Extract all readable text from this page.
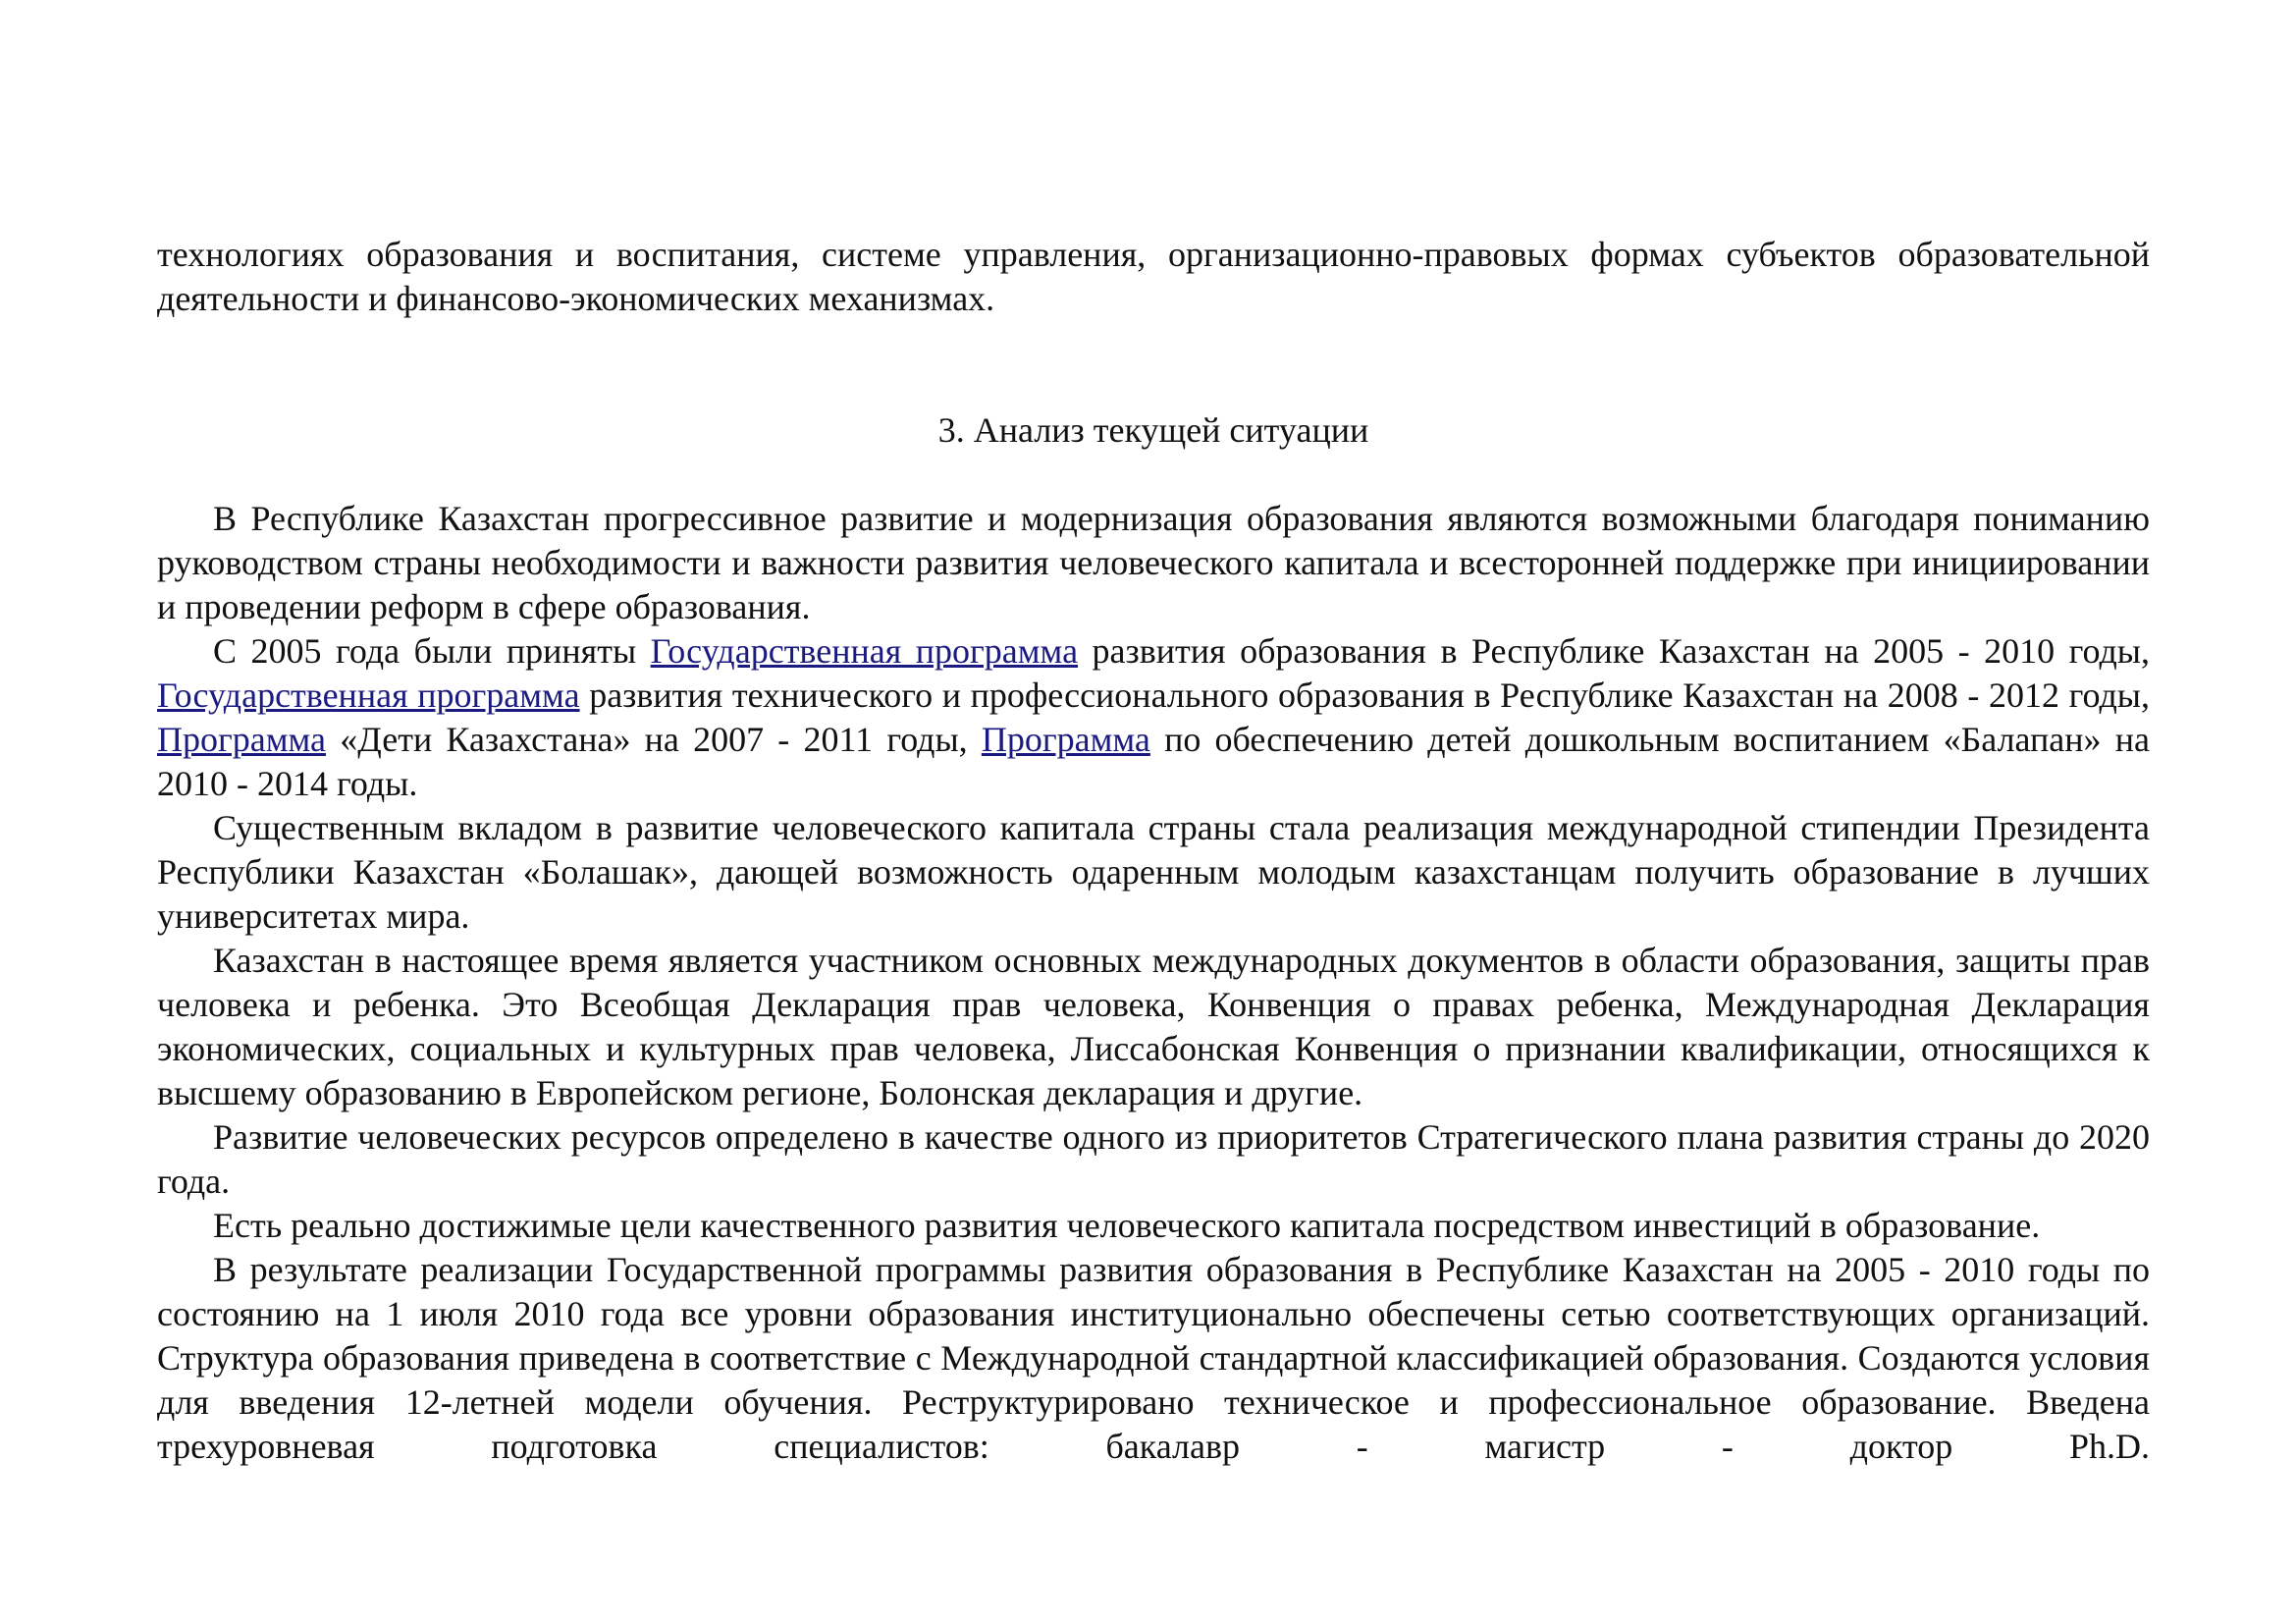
технологиях образования и воспитания, системе управления, организационно-правовых формах субъектов образовательной деятельности и финансово-экономических механизмах.

3. Анализ текущей ситуации

В Республике Казахстан прогрессивное развитие и модернизация образования являются возможными благодаря пониманию руководством страны необходимости и важности развития человеческого капитала и всесторонней поддержке при инициировании и проведении реформ в сфере образования.

С 2005 года были приняты Государственная программа развития образования в Республике Казахстан на 2005 - 2010 годы, Государственная программа развития технического и профессионального образования в Республике Казахстан на 2008 - 2012 годы, Программа «Дети Казахстана» на 2007 - 2011 годы, Программа по обеспечению детей дошкольным воспитанием «Балапан» на 2010 - 2014 годы.

Существенным вкладом в развитие человеческого капитала страны стала реализация международной стипендии Президента Республики Казахстан «Болашак», дающей возможность одаренным молодым казахстанцам получить образование в лучших университетах мира.

Казахстан в настоящее время является участником основных международных документов в области образования, защиты прав человека и ребенка. Это Всеобщая Декларация прав человека, Конвенция о правах ребенка, Международная Декларация экономических, социальных и культурных прав человека, Лиссабонская Конвенция о признании квалификации, относящихся к высшему образованию в Европейском регионе, Болонская декларация и другие.

Развитие человеческих ресурсов определено в качестве одного из приоритетов Стратегического плана развития страны до 2020 года.

Есть реально достижимые цели качественного развития человеческого капитала посредством инвестиций в образование.

В результате реализации Государственной программы развития образования в Республике Казахстан на 2005 - 2010 годы по состоянию на 1 июля 2010 года все уровни образования институционально обеспечены сетью соответствующих организаций. Структура образования приведена в соответствие с Международной стандартной классификацией образования. Создаются условия для введения 12-летней модели обучения. Реструктурировано техническое и профессиональное образование. Введена трехуровневая подготовка специалистов: бакалавр - магистр - доктор Ph.D.
